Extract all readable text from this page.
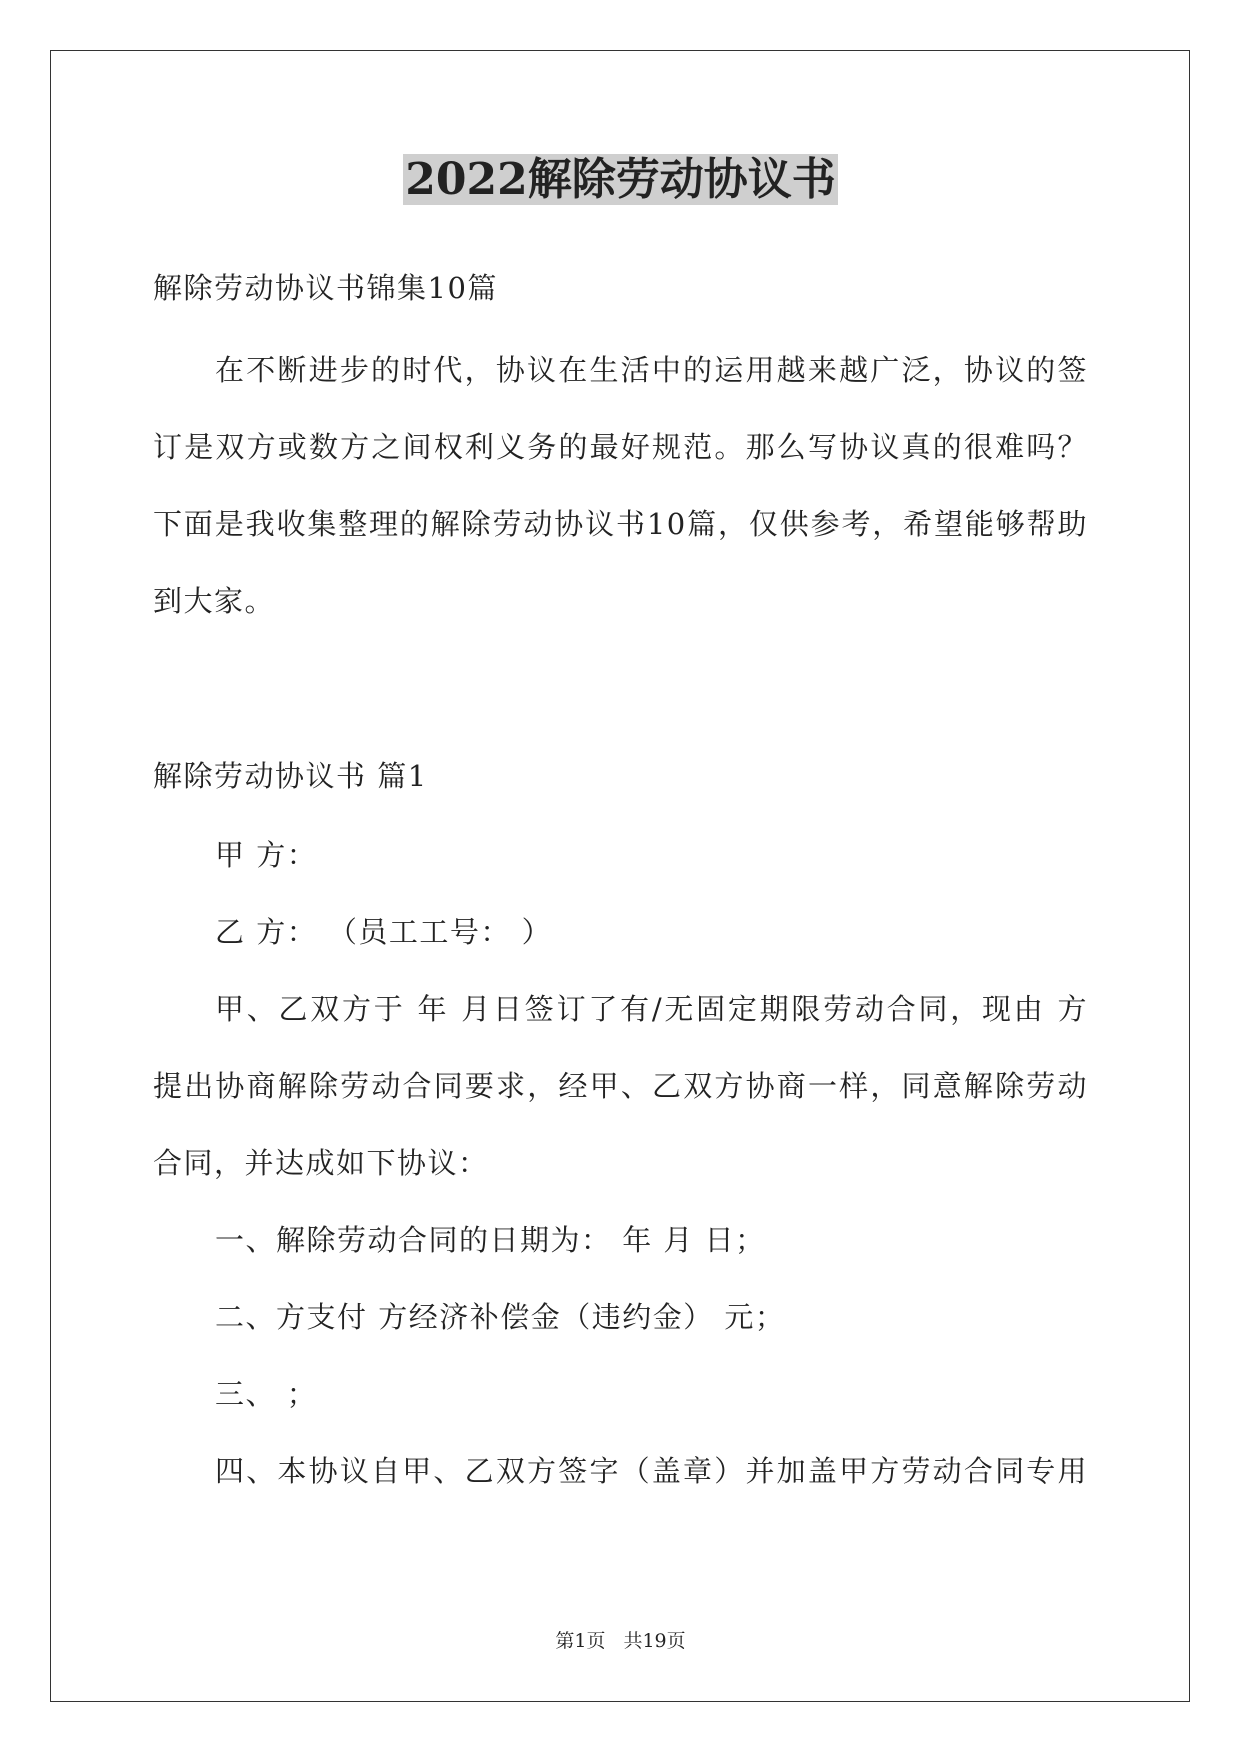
2022解除劳动协议书
解除劳动协议书锦集10篇
在不断进步的时代，协议在生活中的运用越来越广泛，协议的签
订是双方或数方之间权利义务的最好规范。那么写协议真的很难吗？
下面是我收集整理的解除劳动协议书10篇，仅供参考，希望能够帮助
到大家。
解除劳动协议书 篇1
甲 方：
乙 方： （员工工号： ）
甲、乙双方于 年 月日签订了有/无固定期限劳动合同，现由 方
提出协商解除劳动合同要求，经甲、乙双方协商一样，同意解除劳动
合同，并达成如下协议：
一、解除劳动合同的日期为： 年 月 日；
二、方支付 方经济补偿金（违约金） 元；
三、 ；
四、本协议自甲、乙双方签字（盖章）并加盖甲方劳动合同专用
第1页 共19页
